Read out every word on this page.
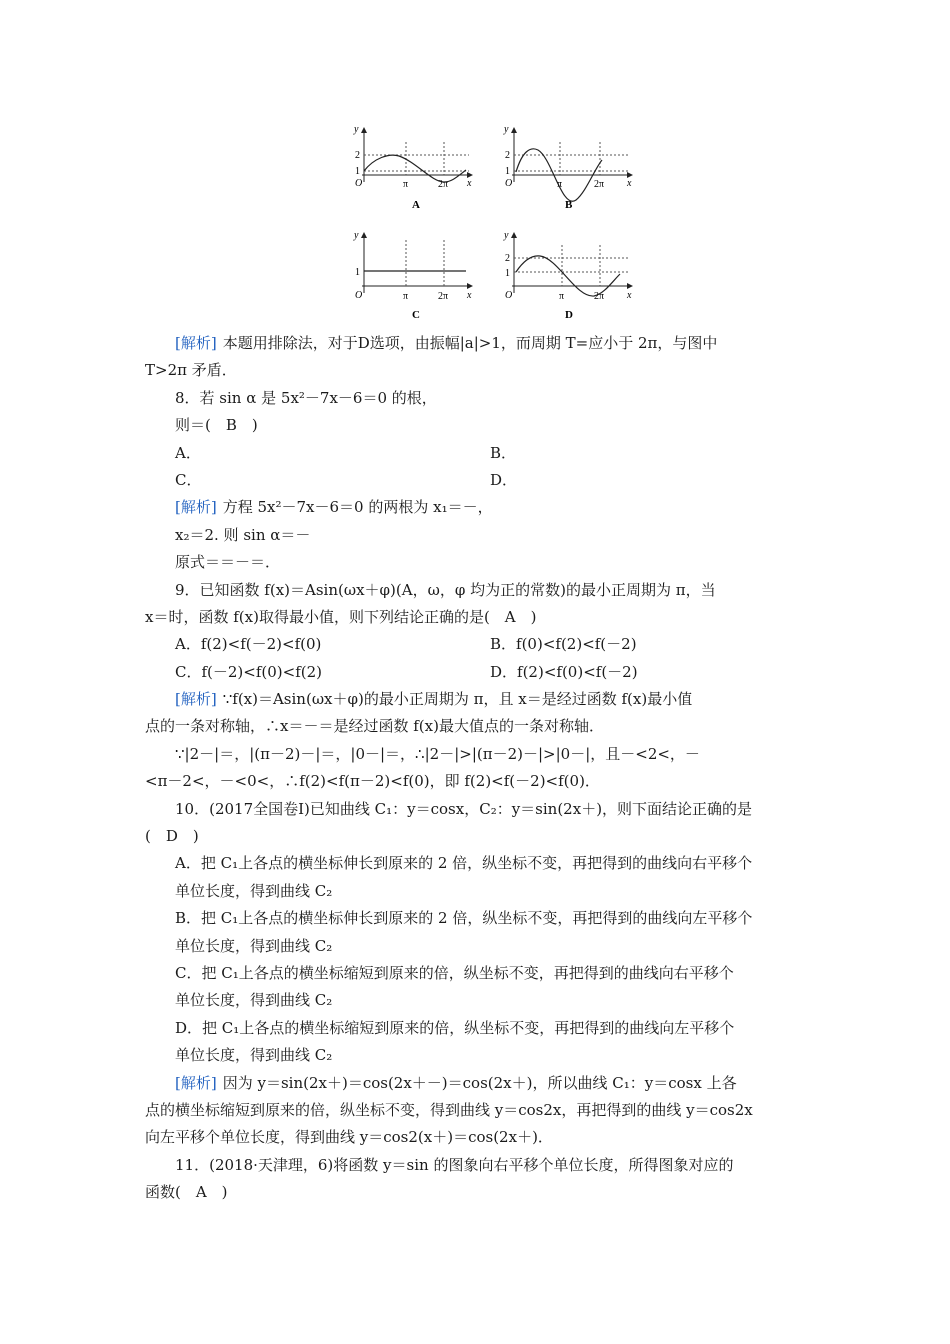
y
x
O
2
1
π	2π
A
y
x
O
2
1
π	2π
B
y
x
O
1
π	2π
C
y
x
O
2
1
π	2π
D
[解析] 本题用排除法，对于D选项，由振幅|a|>1，而周期 T=应小于 2π，与图中
T>2π 矛盾．
8．若 sin α 是 5x²－7x－6＝0 的根，
则＝(　B　)
A．	B．
C．	D．
[解析] 方程 5x²－7x－6＝0 的两根为 x₁＝－，
x₂＝2. 则 sin α＝－
原式＝＝－＝．
9．已知函数 f(x)＝Asin(ωx＋φ)(A，ω，φ 均为正的常数)的最小正周期为 π，当
x＝时，函数 f(x)取得最小值，则下列结论正确的是(　A　)
A．f(2)<f(－2)<f(0)	B．f(0)<f(2)<f(－2)
C．f(－2)<f(0)<f(2)	D．f(2)<f(0)<f(－2)
[解析] ∵f(x)＝Asin(ωx＋φ)的最小正周期为 π，且 x＝是经过函数 f(x)最小值
点的一条对称轴，∴x＝－＝是经过函数 f(x)最大值点的一条对称轴．
∵|2－|＝，|(π－2)－|＝，|0－|＝，∴|2－|>|(π－2)－|>|0－|，且－<2<，－
<π－2<，－<0<，∴f(2)<f(π－2)<f(0)，即 f(2)<f(－2)<f(0)．
10．(2017全国卷Ⅰ)已知曲线 C₁：y＝cosx，C₂：y＝sin(2x＋)，则下面结论正确的是
(　D　)
A．把 C₁上各点的横坐标伸长到原来的 2 倍，纵坐标不变，再把得到的曲线向右平移个
单位长度，得到曲线 C₂
B．把 C₁上各点的横坐标伸长到原来的 2 倍，纵坐标不变，再把得到的曲线向左平移个
单位长度，得到曲线 C₂
C．把 C₁上各点的横坐标缩短到原来的倍，纵坐标不变，再把得到的曲线向右平移个
单位长度，得到曲线 C₂
D．把 C₁上各点的横坐标缩短到原来的倍，纵坐标不变，再把得到的曲线向左平移个
单位长度，得到曲线 C₂
[解析] 因为 y＝sin(2x＋)＝cos(2x＋－)＝cos(2x＋)，所以曲线 C₁：y＝cosx 上各
点的横坐标缩短到原来的倍，纵坐标不变，得到曲线 y＝cos2x，再把得到的曲线 y＝cos2x
向左平移个单位长度，得到曲线 y＝cos2(x＋)＝cos(2x＋)．
11．(2018·天津理，6)将函数 y＝sin 的图象向右平移个单位长度，所得图象对应的
函数(　A　)
